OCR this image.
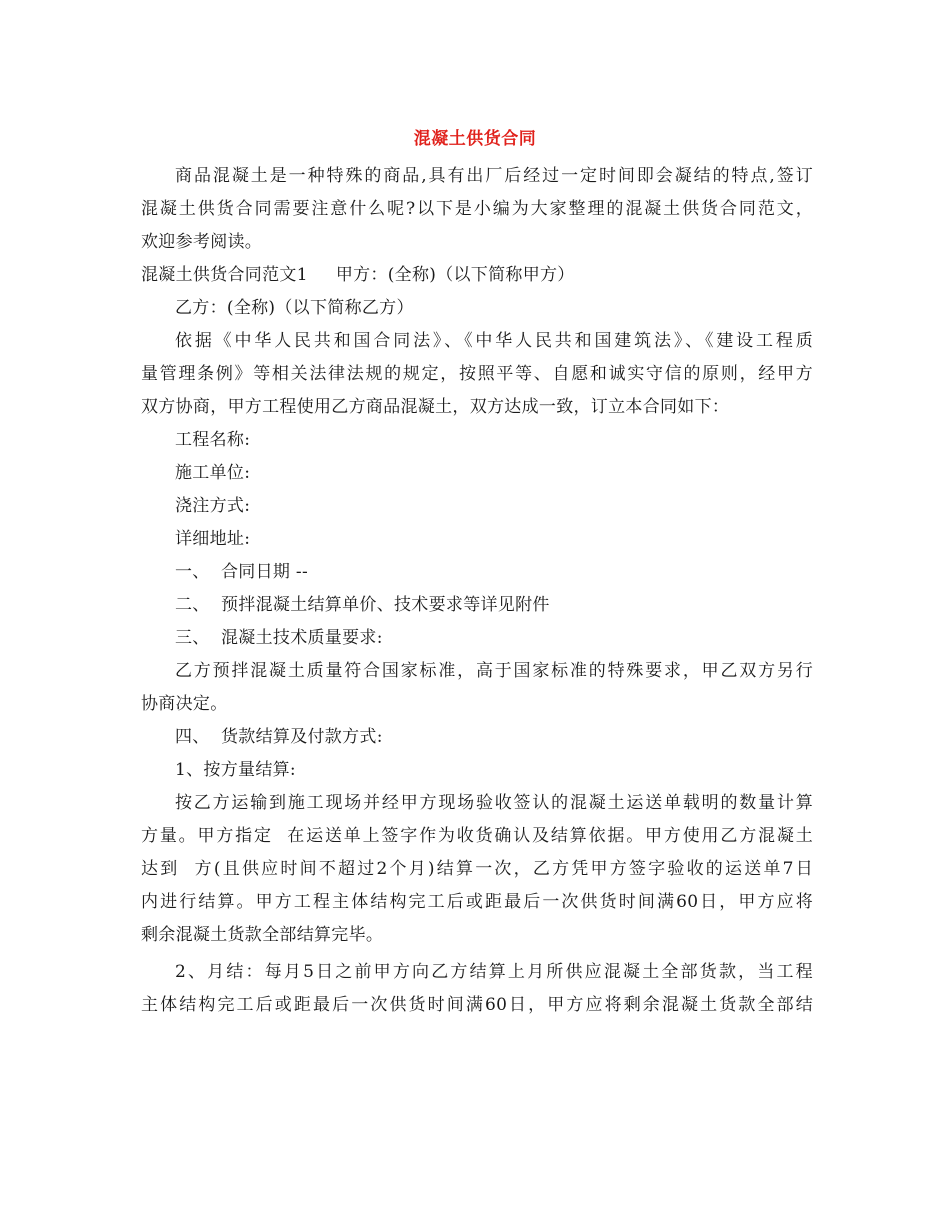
混凝土供货合同
商品混凝土是一种特殊的商品,具有出厂后经过一定时间即会凝结的特点,签订
混凝土供货合同需要注意什么呢?以下是小编为大家整理的混凝土供货合同范文，
欢迎参考阅读。
混凝土供货合同范文1 甲方：(全称)（以下简称甲方）
乙方：(全称)（以下简称乙方）
依据《中华人民共和国合同法》、《中华人民共和国建筑法》、《建设工程质
量管理条例》等相关法律法规的规定，按照平等、自愿和诚实守信的原则，经甲方
双方协商，甲方工程使用乙方商品混凝土，双方达成一致，订立本合同如下：
工程名称:
施工单位:
浇注方式:
详细地址:
一、  合同日期 --
二、  预拌混凝土结算单价、技术要求等详见附件
三、  混凝土技术质量要求:
乙方预拌混凝土质量符合国家标准，高于国家标准的特殊要求，甲乙双方另行
协商决定。
四、  货款结算及付款方式:
1、按方量结算:
按乙方运输到施工现场并经甲方现场验收签认的混凝土运送单载明的数量计算
方量。甲方指定  在运送单上签字作为收货确认及结算依据。甲方使用乙方混凝土
达到  方(且供应时间不超过2个月)结算一次，乙方凭甲方签字验收的运送单7日
内进行结算。甲方工程主体结构完工后或距最后一次供货时间满60日，甲方应将
剩余混凝土货款全部结算完毕。
2、月结：每月5日之前甲方向乙方结算上月所供应混凝土全部货款，当工程
主体结构完工后或距最后一次供货时间满60日，甲方应将剩余混凝土货款全部结
